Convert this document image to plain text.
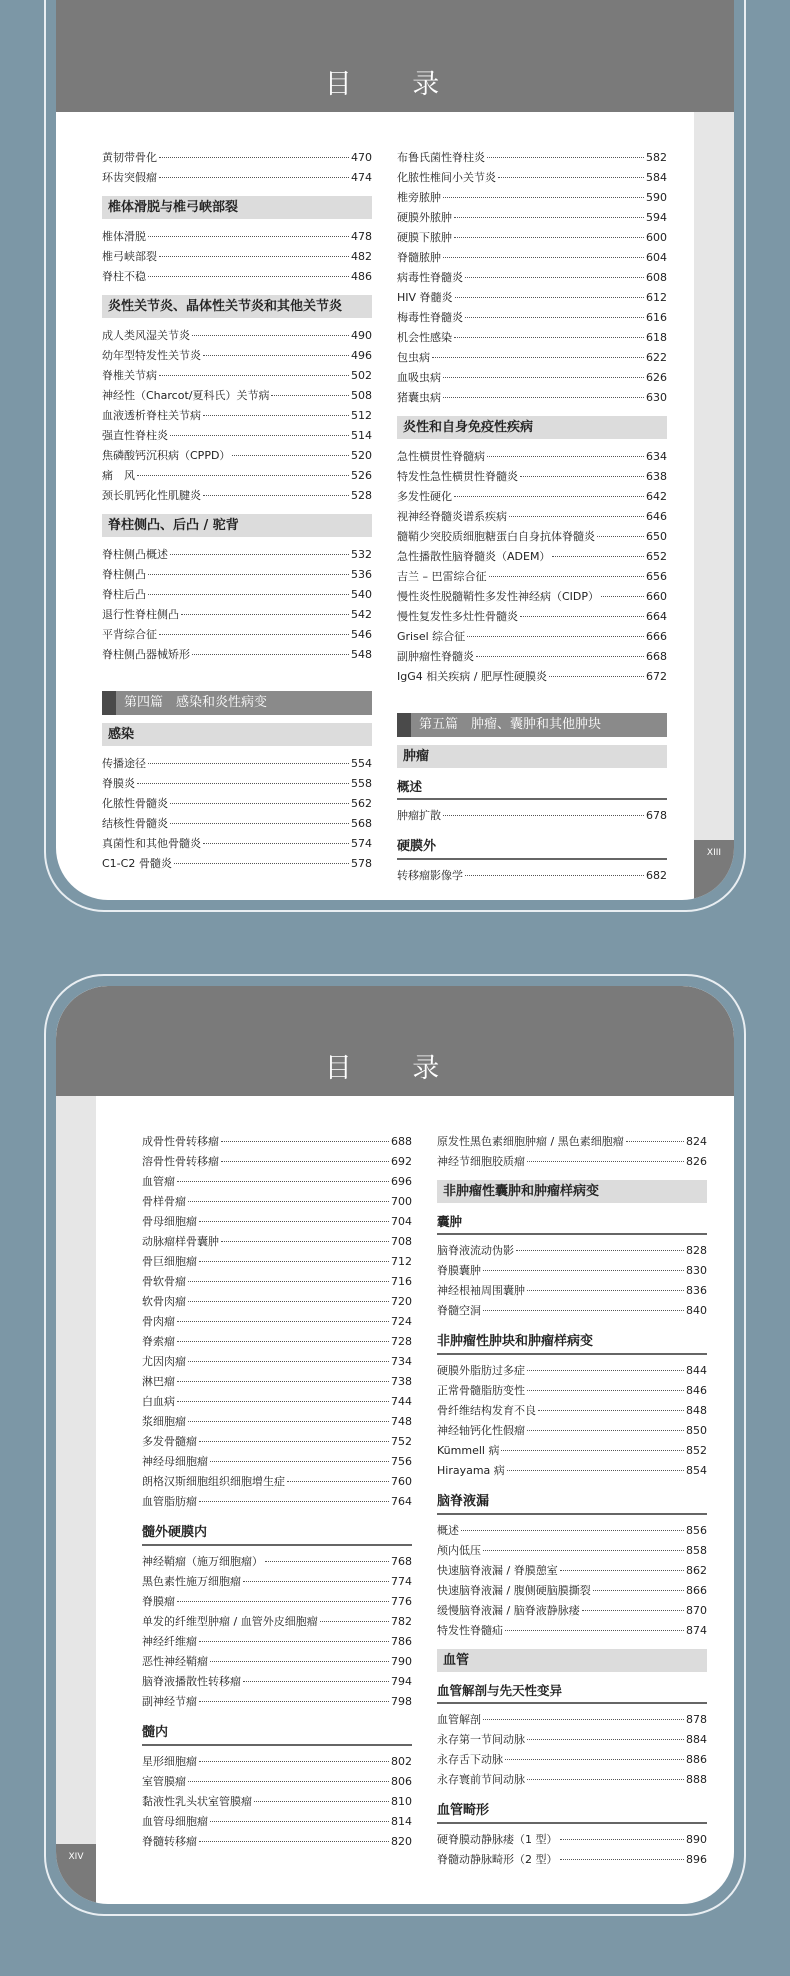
目 录
XIII
黄韧带骨化	470
环齿突假瘤	474
椎体滑脱与椎弓峡部裂
椎体滑脱	478
椎弓峡部裂	482
脊柱不稳	486
炎性关节炎、晶体性关节炎和其他关节炎
成人类风湿关节炎	490
幼年型特发性关节炎	496
脊椎关节病	502
神经性（Charcot/夏科氏）关节病	508
血液透析脊柱关节病	512
强直性脊柱炎	514
焦磷酸钙沉积病（CPPD）	520
痛　风	526
颈长肌钙化性肌腱炎	528
脊柱侧凸、后凸 / 驼背
脊柱侧凸概述	532
脊柱侧凸	536
脊柱后凸	540
退行性脊柱侧凸	542
平背综合征	546
脊柱侧凸器械矫形	548
第四篇　感染和炎性病变
感染
传播途径	554
脊膜炎	558
化脓性骨髓炎	562
结核性骨髓炎	568
真菌性和其他骨髓炎	574
C1-C2 骨髓炎	578
布鲁氏菌性脊柱炎	582
化脓性椎间小关节炎	584
椎旁脓肿	590
硬膜外脓肿	594
硬膜下脓肿	600
脊髓脓肿	604
病毒性脊髓炎	608
HIV 脊髓炎	612
梅毒性脊髓炎	616
机会性感染	618
包虫病	622
血吸虫病	626
猪囊虫病	630
炎性和自身免疫性疾病
急性横贯性脊髓病	634
特发性急性横贯性脊髓炎	638
多发性硬化	642
视神经脊髓炎谱系疾病	646
髓鞘少突胶质细胞糖蛋白自身抗体脊髓炎	650
急性播散性脑脊髓炎（ADEM）	652
吉兰 – 巴雷综合征	656
慢性炎性脱髓鞘性多发性神经病（CIDP）	660
慢性复发性多灶性骨髓炎	664
Grisel 综合征	666
副肿瘤性脊髓炎	668
IgG4 相关疾病 / 肥厚性硬膜炎	672
第五篇　肿瘤、囊肿和其他肿块
肿瘤
概述
肿瘤扩散	678
硬膜外
转移瘤影像学	682
目 录
XIV
成骨性骨转移瘤	688
溶骨性骨转移瘤	692
血管瘤	696
骨样骨瘤	700
骨母细胞瘤	704
动脉瘤样骨囊肿	708
骨巨细胞瘤	712
骨软骨瘤	716
软骨肉瘤	720
骨肉瘤	724
脊索瘤	728
尤因肉瘤	734
淋巴瘤	738
白血病	744
浆细胞瘤	748
多发骨髓瘤	752
神经母细胞瘤	756
朗格汉斯细胞组织细胞增生症	760
血管脂肪瘤	764
髓外硬膜内
神经鞘瘤（施万细胞瘤）	768
黑色素性施万细胞瘤	774
脊膜瘤	776
单发的纤维型肿瘤 / 血管外皮细胞瘤	782
神经纤维瘤	786
恶性神经鞘瘤	790
脑脊液播散性转移瘤	794
副神经节瘤	798
髓内
星形细胞瘤	802
室管膜瘤	806
黏液性乳头状室管膜瘤	810
血管母细胞瘤	814
脊髓转移瘤	820
原发性黑色素细胞肿瘤 / 黑色素细胞瘤	824
神经节细胞胶质瘤	826
非肿瘤性囊肿和肿瘤样病变
囊肿
脑脊液流动伪影	828
脊膜囊肿	830
神经根袖周围囊肿	836
脊髓空洞	840
非肿瘤性肿块和肿瘤样病变
硬膜外脂肪过多症	844
正常骨髓脂肪变性	846
骨纤维结构发育不良	848
神经轴钙化性假瘤	850
Kümmell 病	852
Hirayama 病	854
脑脊液漏
概述	856
颅内低压	858
快速脑脊液漏 / 脊膜憩室	862
快速脑脊液漏 / 腹侧硬脑膜撕裂	866
缓慢脑脊液漏 / 脑脊液静脉瘘	870
特发性脊髓疝	874
血管
血管解剖与先天性变异
血管解剖	878
永存第一节间动脉	884
永存舌下动脉	886
永存寰前节间动脉	888
血管畸形
硬脊膜动静脉瘘（1 型）	890
脊髓动静脉畸形（2 型）	896
